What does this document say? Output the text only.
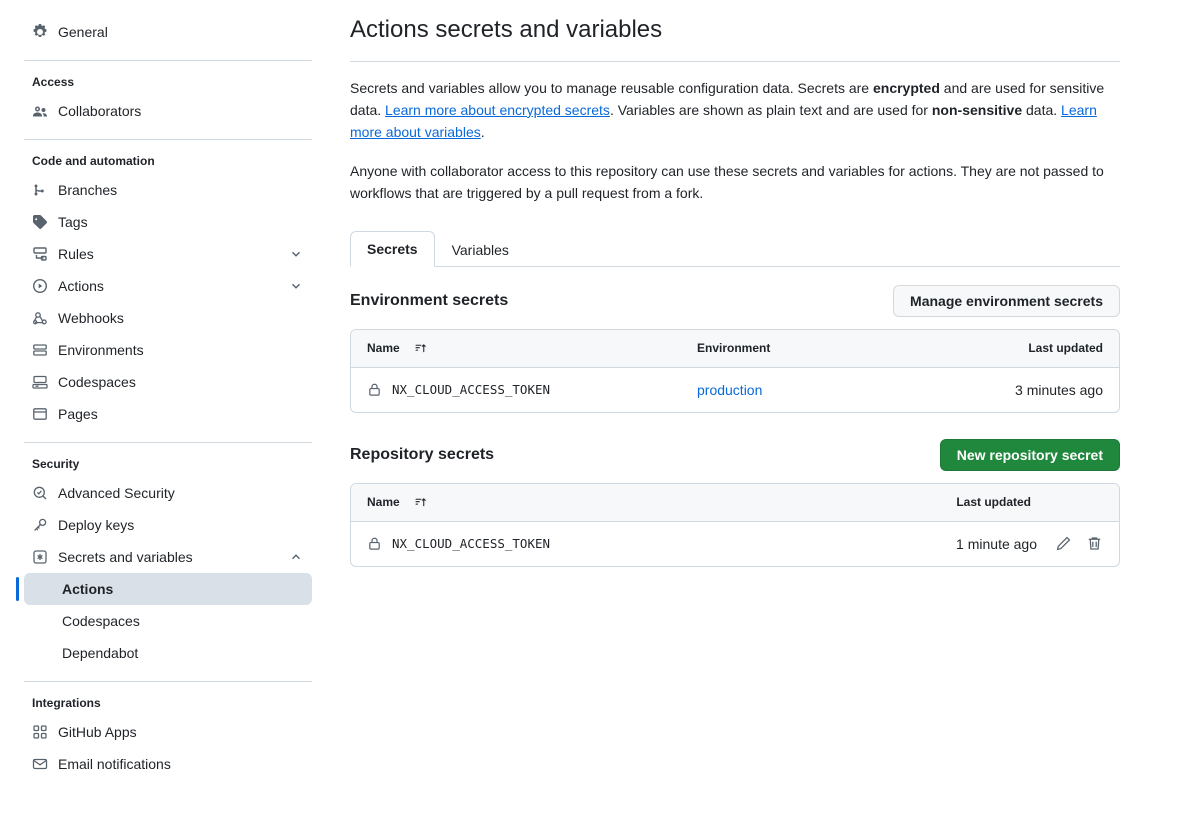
General
Access
Collaborators
Code and automation
Branches
Tags
Rules
Actions
Webhooks
Environments
Codespaces
Pages
Security
Advanced Security
Deploy keys
Secrets and variables
Actions
Codespaces
Dependabot
Integrations
GitHub Apps
Email notifications
Actions secrets and variables

Secrets and variables allow you to manage reusable configuration data. Secrets are encrypted and are used for sensitive data. Learn more about encrypted secrets. Variables are shown as plain text and are used for non-sensitive data. Learn more about variables.

Anyone with collaborator access to this repository can use these secrets and variables for actions. They are not passed to workflows that are triggered by a pull request from a fork.

Secrets	Variables
Environment secrets	Manage environment secrets
Name	Environment	Last updated
NX_CLOUD_ACCESS_TOKEN	production	3 minutes ago
Repository secrets	New repository secret
Name	Last updated
NX_CLOUD_ACCESS_TOKEN	1 minute ago
